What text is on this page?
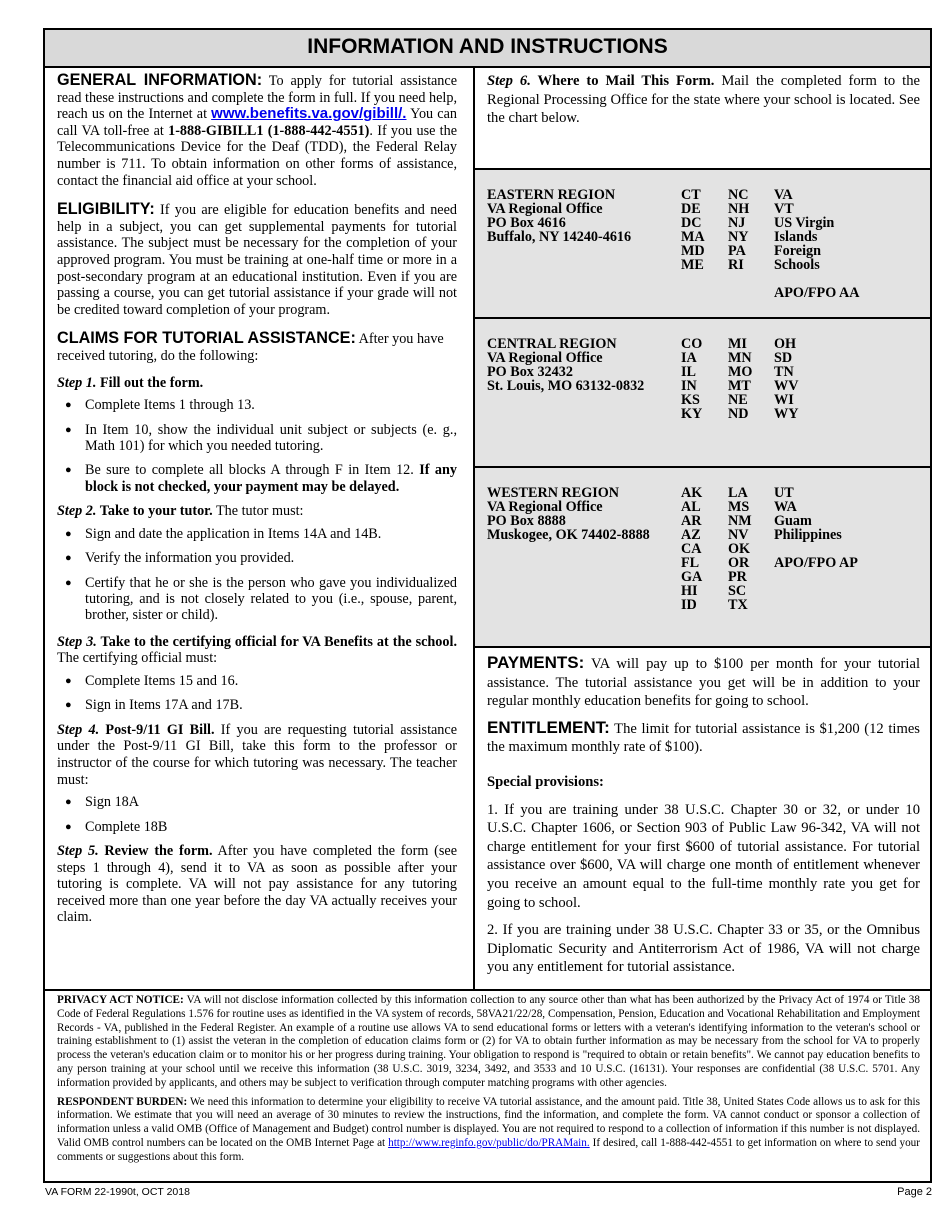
INFORMATION AND INSTRUCTIONS

GENERAL INFORMATION: To apply for tutorial assistance read these instructions and complete the form in full. If you need help, reach us on the Internet at www.benefits.va.gov/gibill/. You can call VA toll-free at 1-888-GIBILL1 (1-888-442-4551). If you use the Telecommunications Device for the Deaf (TDD), the Federal Relay number is 711. To obtain information on other forms of assistance, contact the financial aid office at your school.

ELIGIBILITY: If you are eligible for education benefits and need help in a subject, you can get supplemental payments for tutorial assistance. The subject must be necessary for the completion of your approved program. You must be training at one-half time or more in a post-secondary program at an educational institution. Even if you are passing a course, you can get tutorial assistance if your grade will not be credited toward completion of your program.

CLAIMS FOR TUTORIAL ASSISTANCE: After you have received tutoring, do the following:

Step 1. Fill out the form.

● Complete Items 1 through 13.
● In Item 10, show the individual unit subject or subjects (e. g., Math 101) for which you needed tutoring.
● Be sure to complete all blocks A through F in Item 12. If any block is not checked, your payment may be delayed.

Step 2. Take to your tutor. The tutor must:

● Sign and date the application in Items 14A and 14B.
● Verify the information you provided.
● Certify that he or she is the person who gave you individualized tutoring, and is not closely related to you (i.e., spouse, parent, brother, sister or child).

Step 3. Take to the certifying official for VA Benefits at the school. The certifying official must:

● Complete Items 15 and 16.
● Sign in Items 17A and 17B.

Step 4. Post-9/11 GI Bill. If you are requesting tutorial assistance under the Post-9/11 GI Bill, take this form to the professor or instructor of the course for which tutoring was necessary. The teacher must:

● Sign 18A
● Complete 18B

Step 5. Review the form. After you have completed the form (see steps 1 through 4), send it to VA as soon as possible after your tutoring is complete. VA will not pay assistance for any tutoring received more than one year before the day VA actually receives your claim.

Step 6. Where to Mail This Form. Mail the completed form to the Regional Processing Office for the state where your school is located. See the chart below.

EASTERN REGION
VA Regional Office
PO Box 4616
Buffalo, NY 14240-4616
CT
DE
DC
MA
MD
ME
NC
NH
NJ
NY
PA
RI
VA
VT
US Virgin
Islands
Foreign
Schools

APO/FPO AA
CENTRAL REGION
VA Regional Office
PO Box 32432
St. Louis, MO 63132-0832
CO
IA
IL
IN
KS
KY
MI
MN
MO
MT
NE
ND
OH
SD
TN
WV
WI
WY
WESTERN REGION
VA Regional Office
PO Box 8888
Muskogee, OK 74402-8888
AK
AL
AR
AZ
CA
FL
GA
HI
ID
LA
MS
NM
NV
OK
OR
PR
SC
TX
UT
WA
Guam
Philippines

APO/FPO AP

PAYMENTS: VA will pay up to $100 per month for your tutorial assistance. The tutorial assistance you get will be in addition to your regular monthly education benefits for going to school.

ENTITLEMENT: The limit for tutorial assistance is $1,200 (12 times the maximum monthly rate of $100).

Special provisions:

1. If you are training under 38 U.S.C. Chapter 30 or 32, or under 10 U.S.C. Chapter 1606, or Section 903 of Public Law 96-342, VA will not charge entitlement for your first $600 of tutorial assistance. For tutorial assistance over $600, VA will charge one month of entitlement whenever you receive an amount equal to the full-time monthly rate you get for going to school.

2. If you are training under 38 U.S.C. Chapter 33 or 35, or the Omnibus Diplomatic Security and Antiterrorism Act of 1986, VA will not charge you any entitlement for tutorial assistance.

PRIVACY ACT NOTICE: VA will not disclose information collected by this information collection to any source other than what has been authorized by the Privacy Act of 1974 or Title 38 Code of Federal Regulations 1.576 for routine uses as identified in the VA system of records, 58VA21/22/28, Compensation, Pension, Education and Vocational Rehabilitation and Employment Records - VA, published in the Federal Register. An example of a routine use allows VA to send educational forms or letters with a veteran's identifying information to the veteran's school or training establishment to (1) assist the veteran in the completion of education claims form or (2) for VA to obtain further information as may be necessary from the school for VA to properly process the veteran's education claim or to monitor his or her progress during training. Your obligation to respond is "required to obtain or retain benefits". We cannot pay education benefits to any person training at your school until we receive this information (38 U.S.C. 3019, 3234, 3492, and 3533 and 10 U.S.C. (16131). Your responses are confidential (38 U.S.C. 5701. Any information provided by applicants, and others may be subject to verification through computer matching programs with other agencies.

RESPONDENT BURDEN: We need this information to determine your eligibility to receive VA tutorial assistance, and the amount paid. Title 38, United States Code allows us to ask for this information. We estimate that you will need an average of 30 minutes to review the instructions, find the information, and complete the form. VA cannot conduct or sponsor a collection of information unless a valid OMB (Office of Management and Budget) control number is displayed. You are not required to respond to a collection of information if this number is not displayed. Valid OMB control numbers can be located on the OMB Internet Page at http://www.reginfo.gov/public/do/PRAMain. If desired, call 1-888-442-4551 to get information on where to send your comments or suggestions about this form.

VA FORM 22-1990t, OCT 2018	Page 2
